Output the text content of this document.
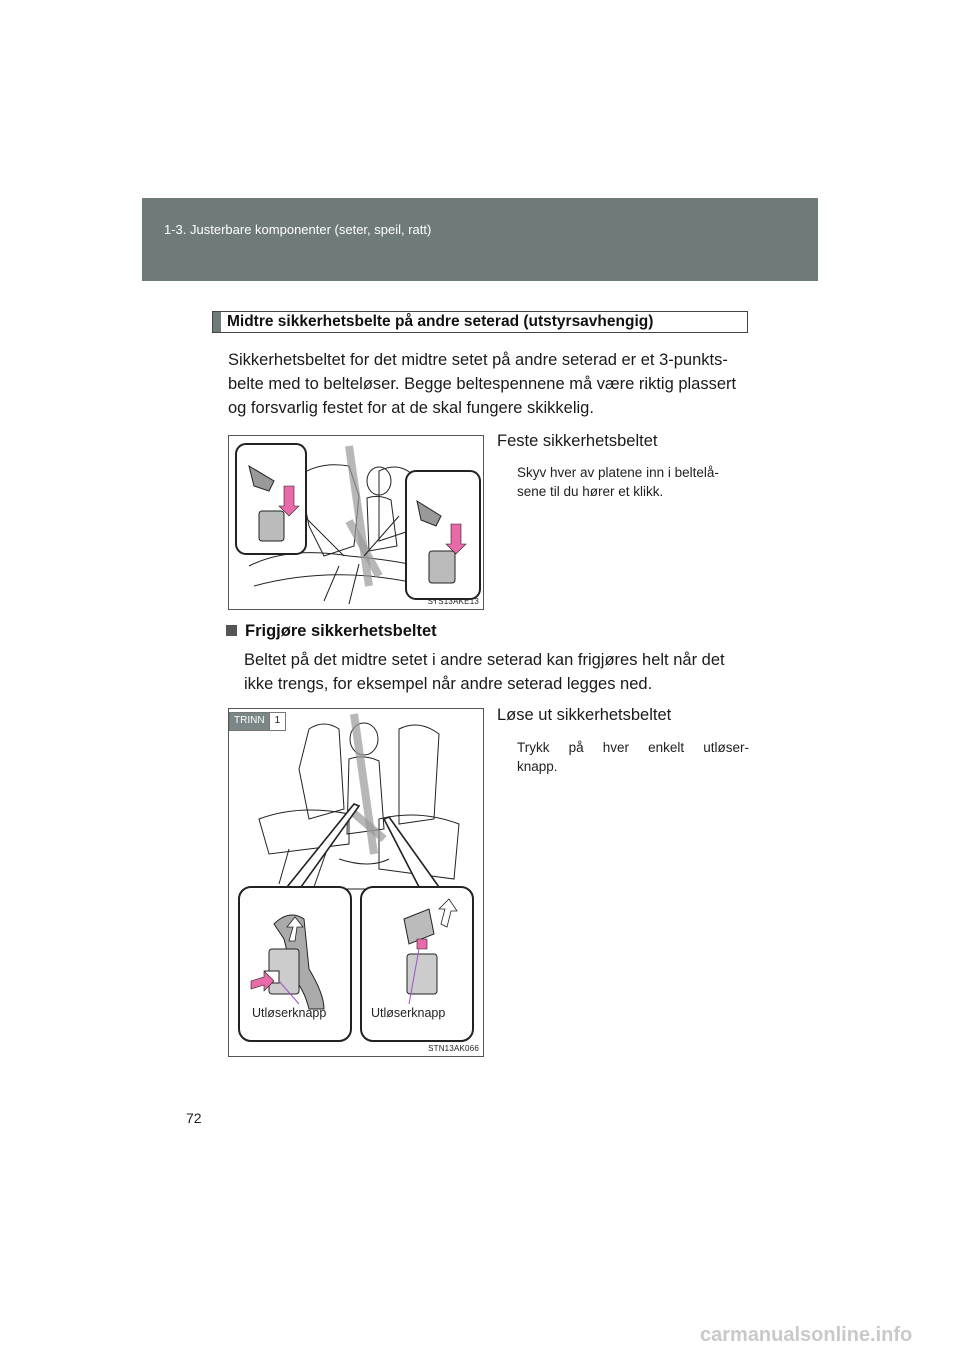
1-3. Justerbare komponenter (seter, speil, ratt)
Midtre sikkerhetsbelte på andre seterad (utstyrsavhengig)
Sikkerhetsbeltet for det midtre setet på andre seterad er et 3-punkts-
belte med to belteløser. Begge beltespennene må være riktig plassert
og forsvarlig festet for at de skal fungere skikkelig.
STS13AKE13
Feste sikkerhetsbeltet
Skyv hver av platene inn i beltelå-
sene til du hører et klikk.
Frigjøre sikkerhetsbeltet
Beltet på det midtre setet i andre seterad kan frigjøres helt når det
ikke trengs, for eksempel når andre seterad legges ned.
Utløserknapp	Utløserknapp
STN13AK066
TRINN	1	Løse ut sikkerhetsbeltet
Trykk på hver enkelt utløser-
knapp.
72
carmanualsonline.info
